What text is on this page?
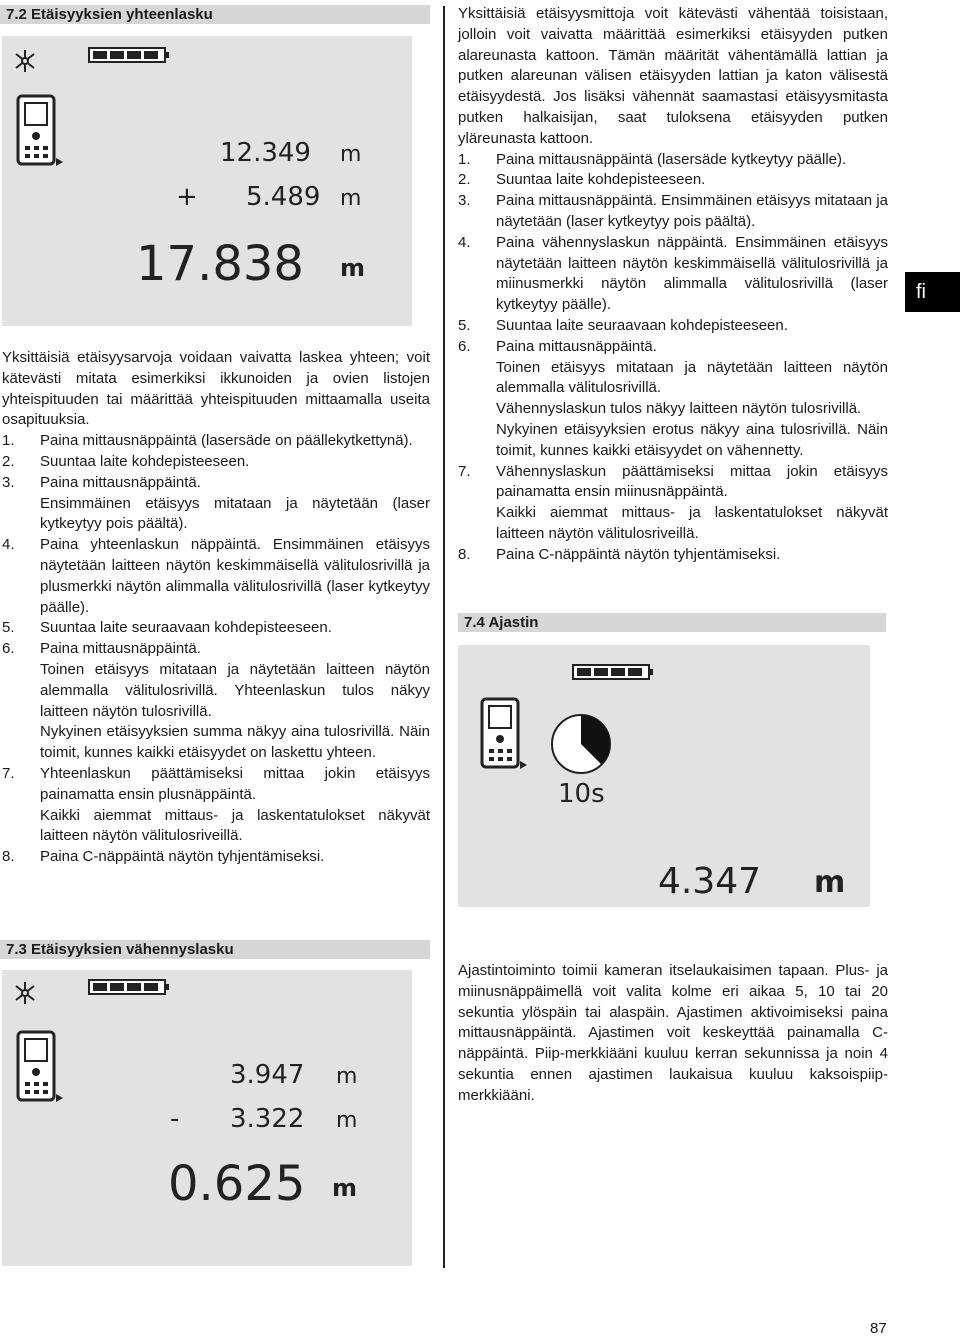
7.2 Etäisyyksien yhteenlasku
12.349 m
+ 5.489 m
17.838 m

Yksittäisiä etäisyysarvoja voidaan vaivatta laskea yhteen; voit kätevästi mitata esimerkiksi ikkunoiden ja ovien listojen yhteispituuden tai määrittää yhteispituuden mittaamalla useita osapituuksia.

1. Paina mittausnäppäintä (lasersäde on päällekytkettynä).
2. Suuntaa laite kohdepisteeseen.
3. Paina mittausnäppäintä.
Ensimmäinen etäisyys mitataan ja näytetään (laser kytkeytyy pois päältä).
4. Paina yhteenlaskun näppäintä. Ensimmäinen etäisyys näytetään laitteen näytön keskimmäisellä välitulosrivillä ja plusmerkki näytön alimmalla välitulosrivillä (laser kytkeytyy päälle).
5. Suuntaa laite seuraavaan kohdepisteeseen.
6. Paina mittausnäppäintä.
Toinen etäisyys mitataan ja näytetään laitteen näytön alemmalla välitulosrivillä. Yhteenlaskun tulos näkyy laitteen näytön tulosrivillä.
Nykyinen etäisyyksien summa näkyy aina tulosrivillä. Näin toimit, kunnes kaikki etäisyydet on laskettu yhteen.
7. Yhteenlaskun päättämiseksi mittaa jokin etäisyys painamatta ensin plusnäppäintä.
Kaikki aiemmat mittaus- ja laskentatulokset näkyvät laitteen näytön välitulosriveillä.
8. Paina C-näppäintä näytön tyhjentämiseksi.
7.3 Etäisyyksien vähennyslasku
3.947 m
- 3.322 m
0.625 m

Yksittäisiä etäisyysmittoja voit kätevästi vähentää toisistaan, jolloin voit vaivatta määrittää esimerkiksi etäisyyden putken alareunasta kattoon. Tämän määrität vähentämällä lattian ja putken alareunan välisen etäisyyden lattian ja katon välisestä etäisyydestä. Jos lisäksi vähennät saamastasi etäisyysmitasta putken halkaisijan, saat tuloksena etäisyyden putken yläreunasta kattoon.

1. Paina mittausnäppäintä (lasersäde kytkeytyy päälle).
2. Suuntaa laite kohdepisteeseen.
3. Paina mittausnäppäintä. Ensimmäinen etäisyys mitataan ja näytetään (laser kytkeytyy pois päältä).
4. Paina vähennyslaskun näppäintä. Ensimmäinen etäisyys näytetään laitteen näytön keskimmäisellä välitulosrivillä ja miinusmerkki näytön alimmalla välitulosrivillä (laser kytkeytyy päälle).
5. Suuntaa laite seuraavaan kohdepisteeseen.
6. Paina mittausnäppäintä.
Toinen etäisyys mitataan ja näytetään laitteen näytön alemmalla välitulosrivillä.
Vähennyslaskun tulos näkyy laitteen näytön tulosrivillä.
Nykyinen etäisyyksien erotus näkyy aina tulosrivillä. Näin toimit, kunnes kaikki etäisyydet on vähennetty.
7. Vähennyslaskun päättämiseksi mittaa jokin etäisyys painamatta ensin miinusnäppäintä.
Kaikki aiemmat mittaus- ja laskentatulokset näkyvät laitteen näytön välitulosriveillä.
8. Paina C-näppäintä näytön tyhjentämiseksi.
7.4 Ajastin
10s
4.347 m

Ajastintoiminto toimii kameran itselaukaisimen tapaan. Plus- ja miinusnäppäimellä voit valita kolme eri aikaa 5, 10 tai 20 sekuntia ylöspäin tai alaspäin. Ajastimen aktivoimiseksi paina mittausnäppäintä. Ajastimen voit keskeyttää painamalla C-näppäintä. Piip-merkkiääni kuuluu kerran sekunnissa ja noin 4 sekuntia ennen ajastimen laukaisua kuuluu kaksoispiip-merkkiääni.

fi
87
